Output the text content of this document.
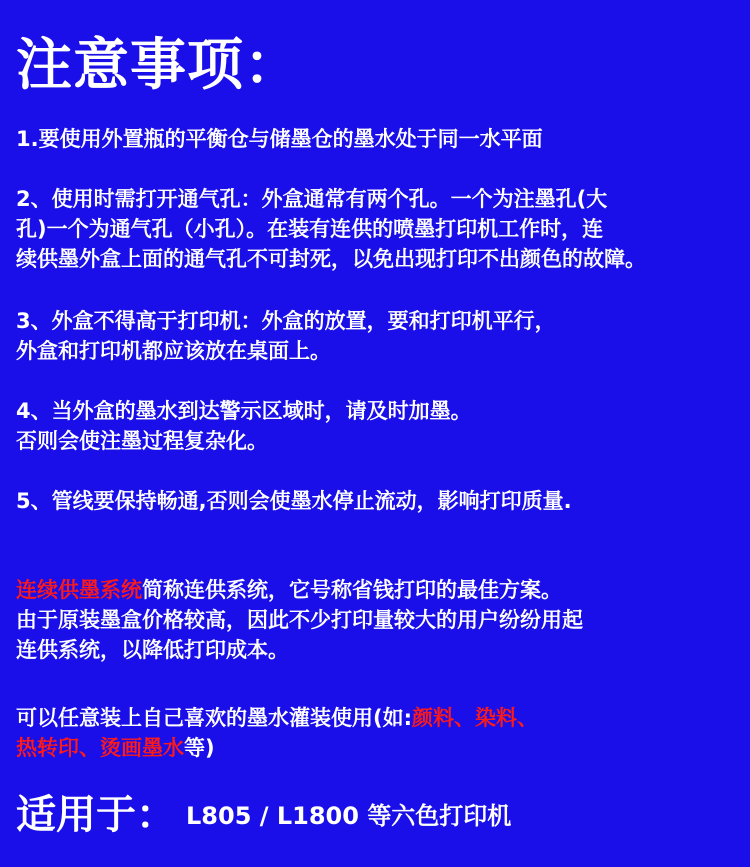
注意事项：
1.要使用外置瓶的平衡仓与储墨仓的墨水处于同一水平面
2、使用时需打开通气孔：外盒通常有两个孔。一个为注墨孔(大
孔)一个为通气孔（小孔）。在装有连供的喷墨打印机工作时，连
续供墨外盒上面的通气孔不可封死，以免出现打印不出颜色的故障。
3、外盒不得高于打印机：外盒的放置，要和打印机平行，
外盒和打印机都应该放在桌面上。
4、当外盒的墨水到达警示区域时，请及时加墨。
否则会使注墨过程复杂化。
5、管线要保持畅通,否则会使墨水停止流动，影响打印质量.
连续供墨系统简称连供系统，它号称省钱打印的最佳方案。
由于原装墨盒价格较高，因此不少打印量较大的用户纷纷用起
连供系统，以降低打印成本。
可以任意装上自己喜欢的墨水灌装使用(如:颜料、染料、
热转印、烫画墨水等)
适用于： L805 / L1800 等六色打印机
